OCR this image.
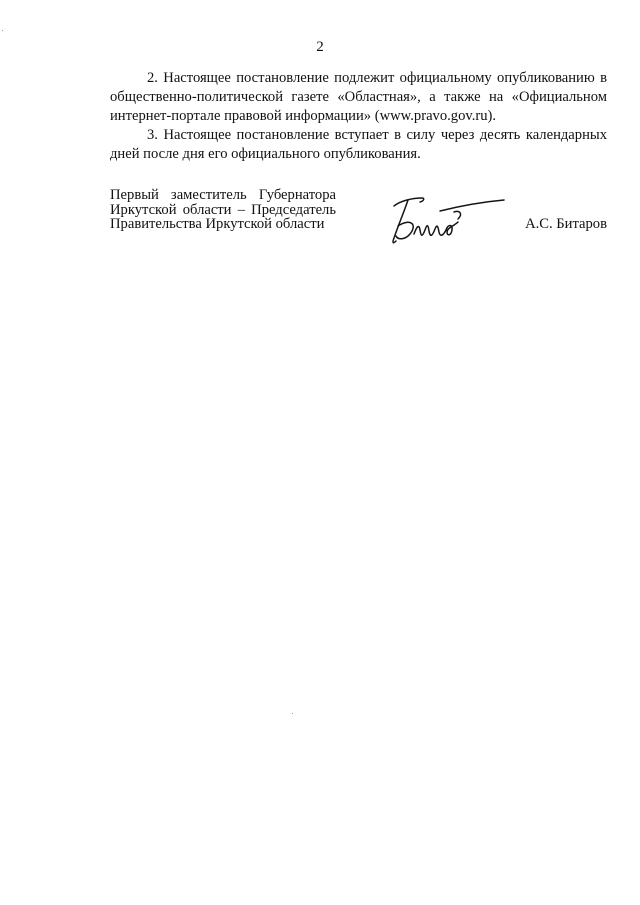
2

2. Настоящее постановление подлежит официальному опубликованию в общественно-политической газете «Областная», а также на «Официальном интернет-портале правовой информации» (www.pravo.gov.ru).

3. Настоящее постановление вступает в силу через десять календарных дней после дня его официального опубликования.

Первый заместитель Губернатора
Иркутской области – Председатель
Правительства Иркутской области	А.С. Битаров
